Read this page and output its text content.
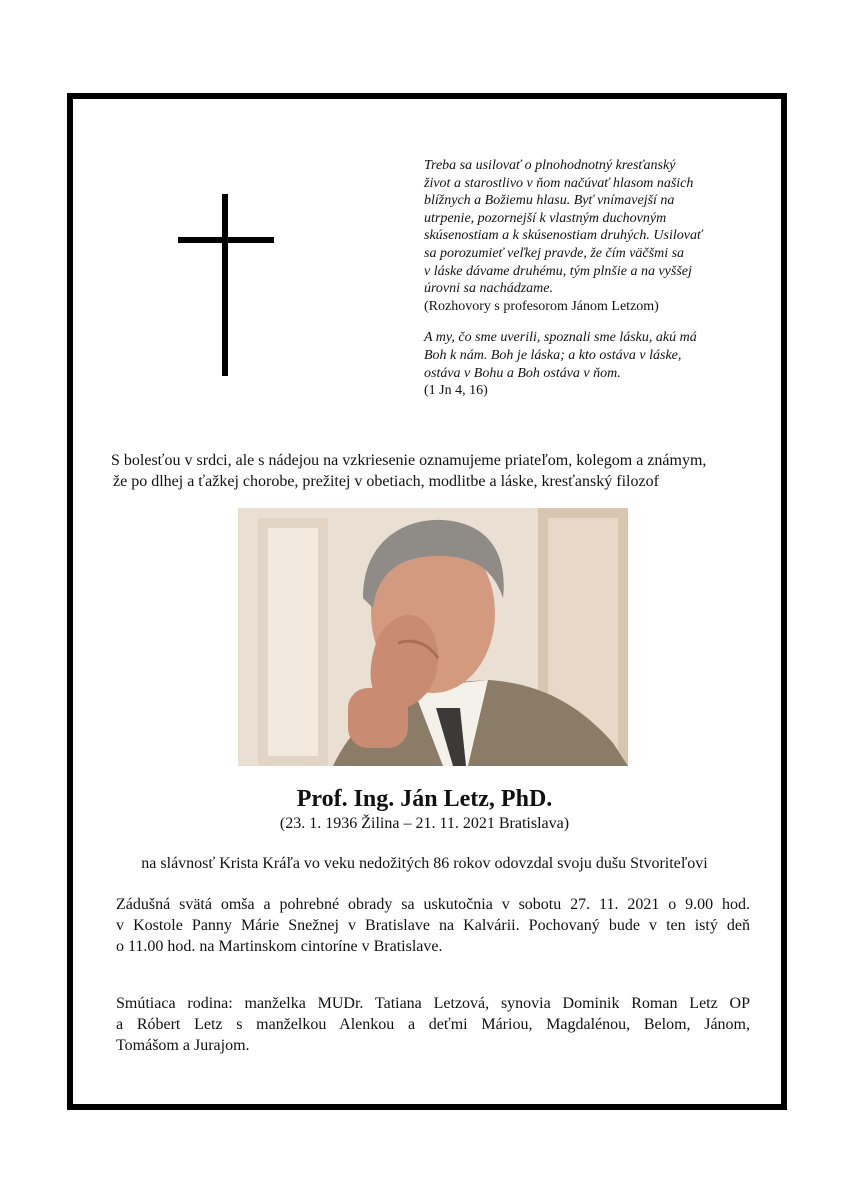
Treba sa usilovať o plnohodnotný kresťanský

život a starostlivo v ňom načúvať hlasom našich

blížnych a Božiemu hlasu. Byť vnímavejší na

utrpenie, pozornejší k vlastným duchovným

skúsenostiam a k skúsenostiam druhých. Usilovať

sa porozumieť veľkej pravde, že čím väčšmi sa

v láske dávame druhému, tým plnšie a na vyššej

úrovni sa nachádzame.

(Rozhovory s profesorom Jánom Letzom)

A my, čo sme uverili, spoznali sme lásku, akú má

Boh k nám. Boh je láska; a kto ostáva v láske,

ostáva v Bohu a Boh ostáva v ňom.

(1 Jn 4, 16)

S bolesťou v srdci, ale s nádejou na vzkriesenie oznamujeme priateľom, kolegom a známym,
že po dlhej a ťažkej chorobe, prežitej v obetiach, modlitbe a láske, kresťanský filozof
Prof. Ing. Ján Letz, PhD.
(23. 1. 1936 Žilina – 21. 11. 2021 Bratislava)
na slávnosť Krista Kráľa vo veku nedožitých 86 rokov odovzdal svoju dušu Stvoriteľovi
Zádušná svätá omša a pohrebné obrady sa uskutočnia v sobotu 27. 11. 2021 o 9.00 hod.
v Kostole Panny Márie Snežnej v Bratislave na Kalvárii. Pochovaný bude v ten istý deň
o 11.00 hod. na Martinskom cintoríne v Bratislave.
Smútiaca rodina: manželka MUDr. Tatiana Letzová, synovia Dominik Roman Letz OP
a Róbert Letz s manželkou Alenkou a deťmi Máriou, Magdalénou, Belom, Jánom,
Tomášom a Jurajom.
